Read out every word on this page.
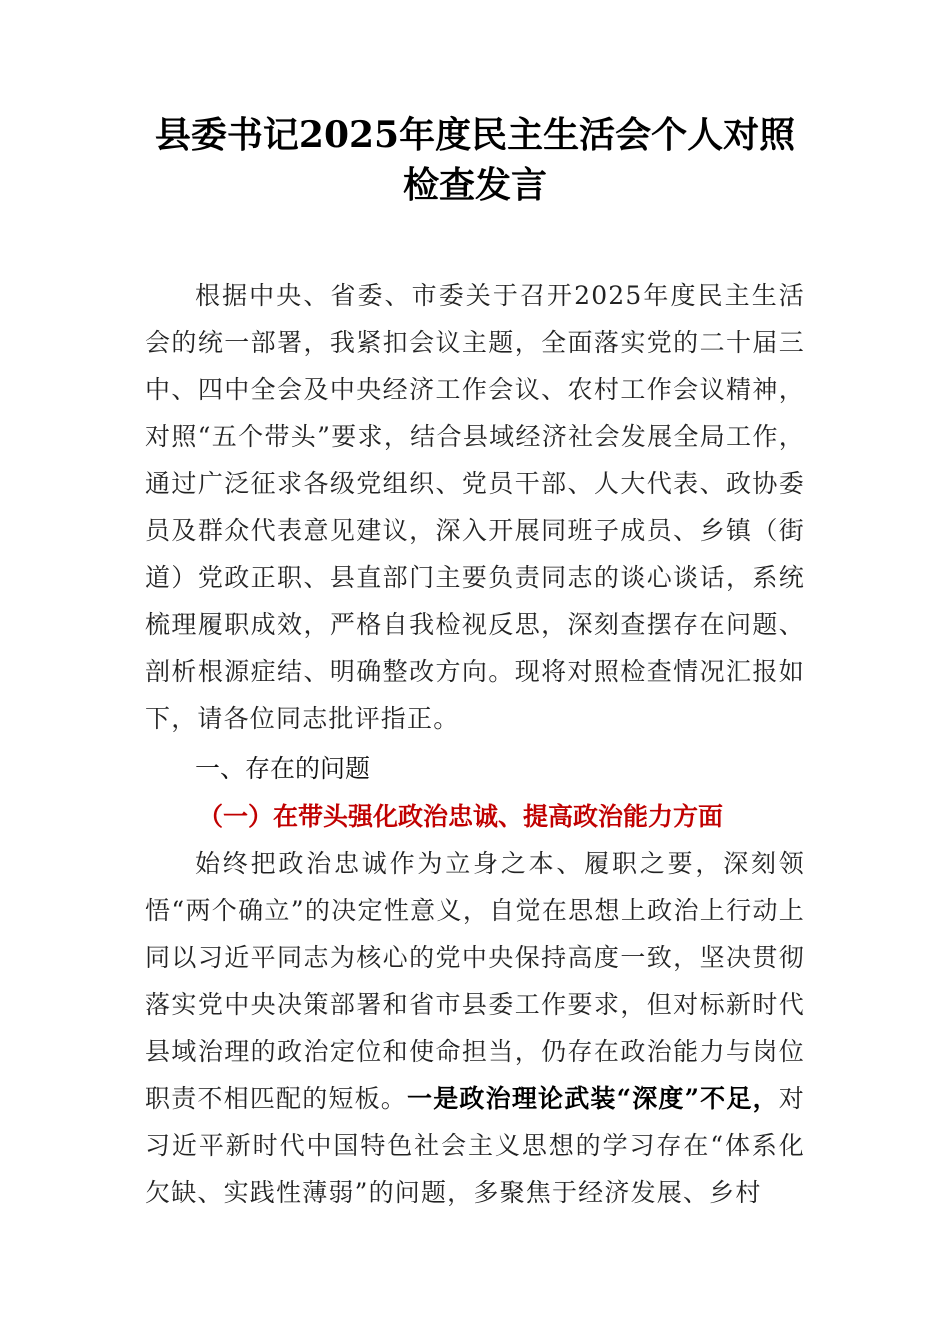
县委书记2025年度民主生活会个人对照检查发言

根据中央、省委、市委关于召开2025年度民主生活会的统一部署，我紧扣会议主题，全面落实党的二十届三中、四中全会及中央经济工作会议、农村工作会议精神，对照“五个带头”要求，结合县域经济社会发展全局工作，通过广泛征求各级党组织、党员干部、人大代表、政协委员及群众代表意见建议，深入开展同班子成员、乡镇（街道）党政正职、县直部门主要负责同志的谈心谈话，系统梳理履职成效，严格自我检视反思，深刻查摆存在问题、剖析根源症结、明确整改方向。现将对照检查情况汇报如下，请各位同志批评指正。

一、存在的问题

（一）在带头强化政治忠诚、提高政治能力方面

始终把政治忠诚作为立身之本、履职之要，深刻领悟“两个确立”的决定性意义，自觉在思想上政治上行动上同以习近平同志为核心的党中央保持高度一致，坚决贯彻落实党中央决策部署和省市县委工作要求，但对标新时代县域治理的政治定位和使命担当，仍存在政治能力与岗位职责不相匹配的短板。一是政治理论武装“深度”不足，对习近平新时代中国特色社会主义思想的学习存在“体系化欠缺、实践性薄弱”的问题，多聚焦于经济发展、乡村
